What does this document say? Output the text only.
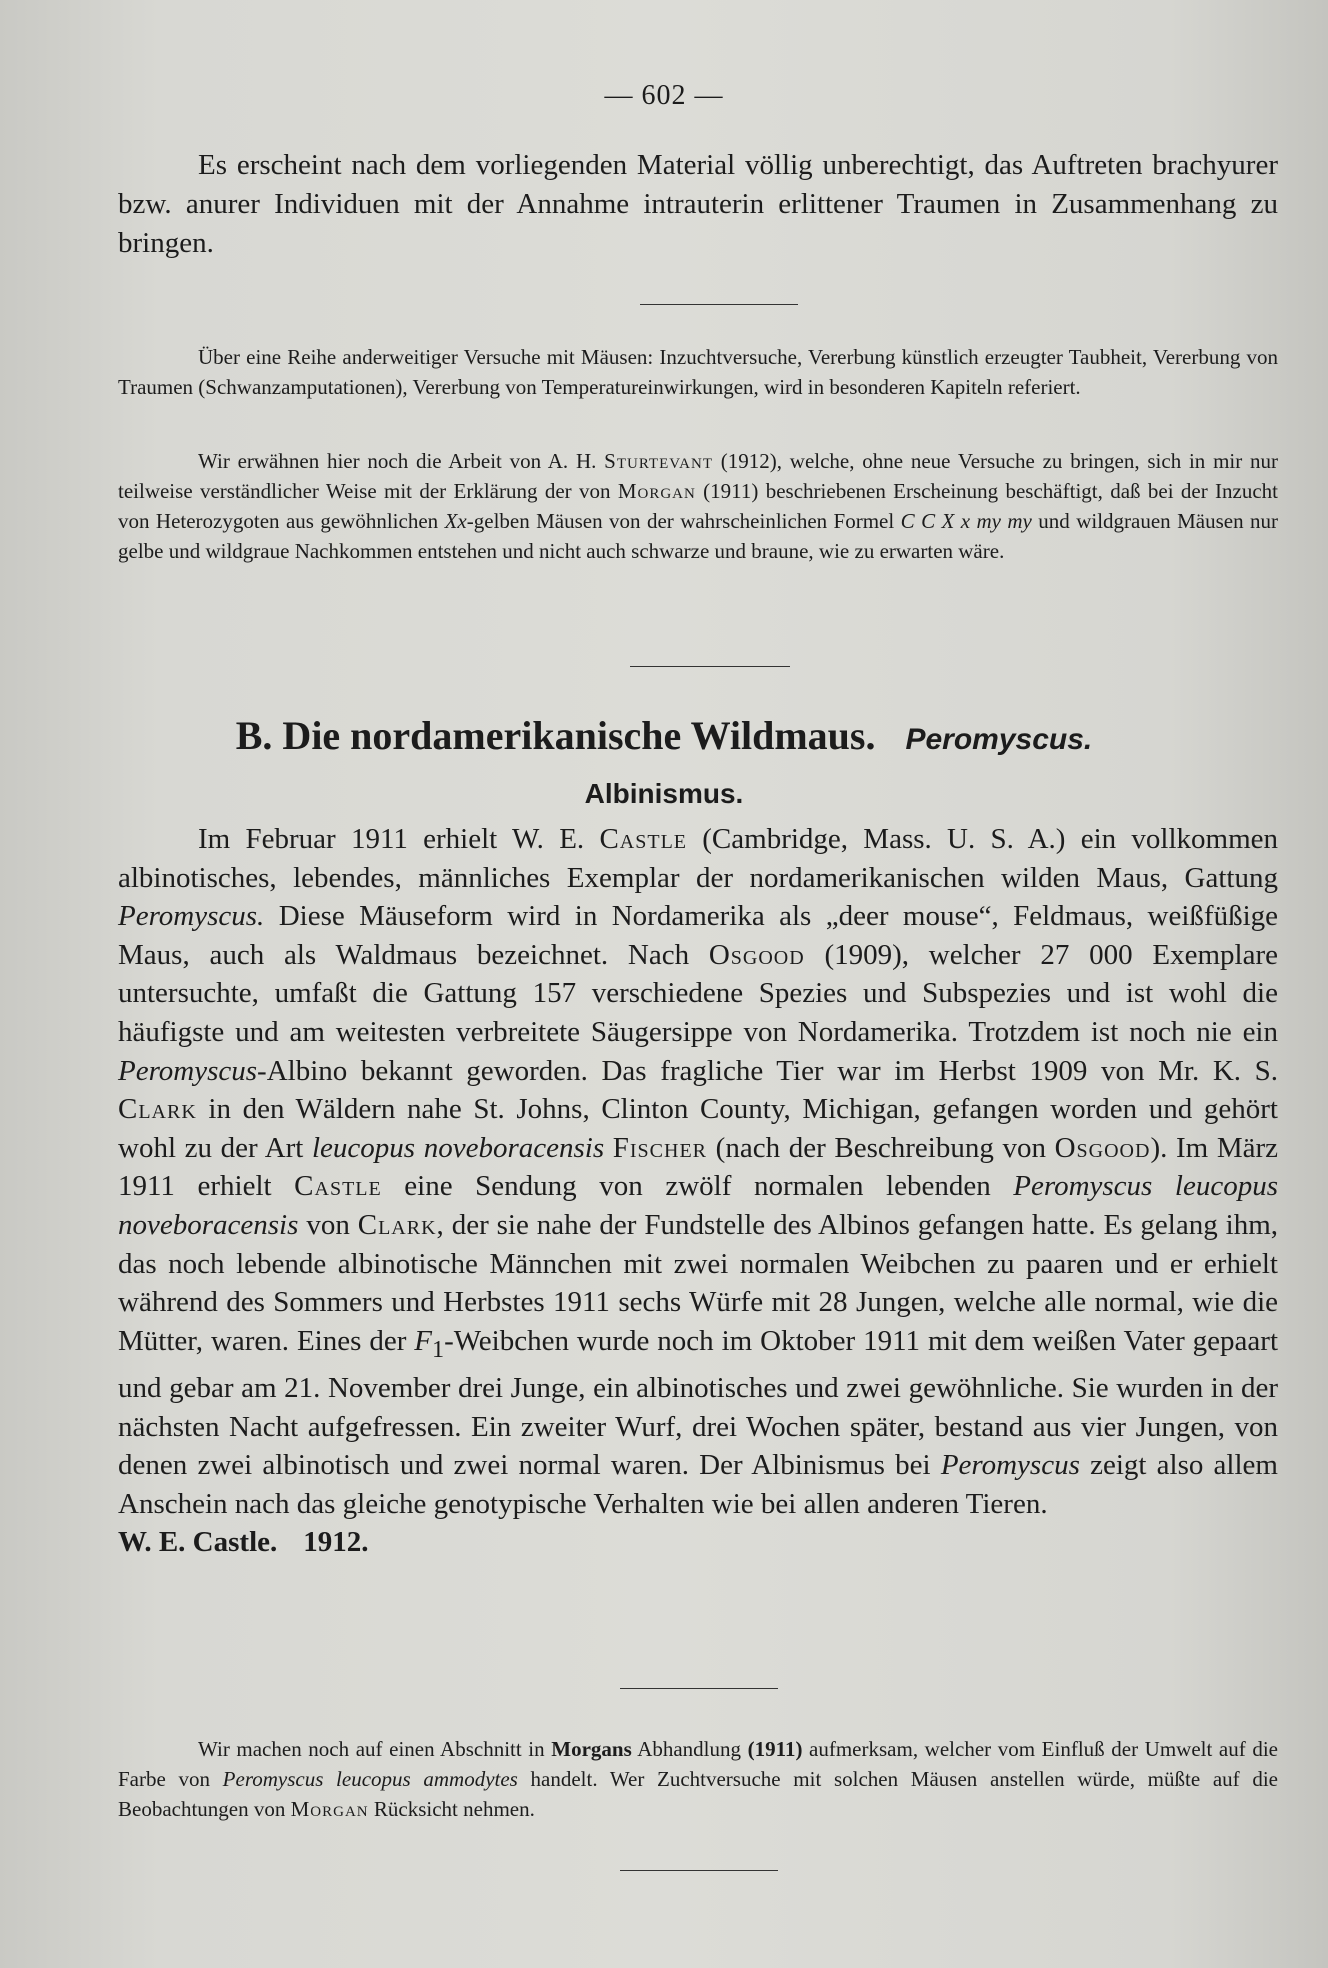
— 602 —

Es erscheint nach dem vorliegenden Material völlig unberechtigt, das Auftreten brachyurer bzw. anurer Individuen mit der Annahme intrauterin erlittener Traumen in Zusammenhang zu bringen.

Über eine Reihe anderweitiger Versuche mit Mäusen: Inzuchtversuche, Vererbung künstlich erzeugter Taubheit, Vererbung von Traumen (Schwanzamputationen), Vererbung von Temperatureinwirkungen, wird in besonderen Kapiteln referiert.

Wir erwähnen hier noch die Arbeit von A. H. Sturtevant (1912), welche, ohne neue Versuche zu bringen, sich in mir nur teilweise verständlicher Weise mit der Erklärung der von Morgan (1911) beschriebenen Erscheinung beschäftigt, daß bei der Inzucht von Heterozygoten aus gewöhnlichen Xx-gelben Mäusen von der wahrscheinlichen Formel C C X x my my und wildgrauen Mäusen nur gelbe und wildgraue Nachkommen entstehen und nicht auch schwarze und braune, wie zu erwarten wäre.

B. Die nordamerikanische Wildmaus. Peromyscus.
Albinismus.

Im Februar 1911 erhielt W. E. Castle (Cambridge, Mass. U. S. A.) ein vollkommen albinotisches, lebendes, männliches Exemplar der nordamerikanischen wilden Maus, Gattung Peromyscus. Diese Mäuseform wird in Nordamerika als „deer mouse“, Feldmaus, weißfüßige Maus, auch als Waldmaus bezeichnet. Nach Osgood (1909), welcher 27 000 Exemplare untersuchte, umfaßt die Gattung 157 verschiedene Spezies und Subspezies und ist wohl die häufigste und am weitesten verbreitete Säugersippe von Nordamerika. Trotzdem ist noch nie ein Peromyscus-Albino bekannt geworden. Das fragliche Tier war im Herbst 1909 von Mr. K. S. Clark in den Wäldern nahe St. Johns, Clinton County, Michigan, gefangen worden und gehört wohl zu der Art leucopus noveboracensis Fischer (nach der Beschreibung von Osgood). Im März 1911 erhielt Castle eine Sendung von zwölf normalen lebenden Peromyscus leucopus noveboracensis von Clark, der sie nahe der Fundstelle des Albinos gefangen hatte. Es gelang ihm, das noch lebende albinotische Männchen mit zwei normalen Weibchen zu paaren und er erhielt während des Sommers und Herbstes 1911 sechs Würfe mit 28 Jungen, welche alle normal, wie die Mütter, waren. Eines der $F_1$-Weibchen wurde noch im Oktober 1911 mit dem weißen Vater gepaart und gebar am 21. November drei Junge, ein albinotisches und zwei gewöhnliche. Sie wurden in der nächsten Nacht aufgefressen. Ein zweiter Wurf, drei Wochen später, bestand aus vier Jungen, von denen zwei albinotisch und zwei normal waren. Der Albinismus bei Peromyscus zeigt also allem Anschein nach das gleiche genotypische Verhalten wie bei allen anderen Tieren.

W. E. Castle. 1912.

Wir machen noch auf einen Abschnitt in Morgans Abhandlung (1911) aufmerksam, welcher vom Einfluß der Umwelt auf die Farbe von Peromyscus leucopus ammodytes handelt. Wer Zuchtversuche mit solchen Mäusen anstellen würde, müßte auf die Beobachtungen von Morgan Rücksicht nehmen.
